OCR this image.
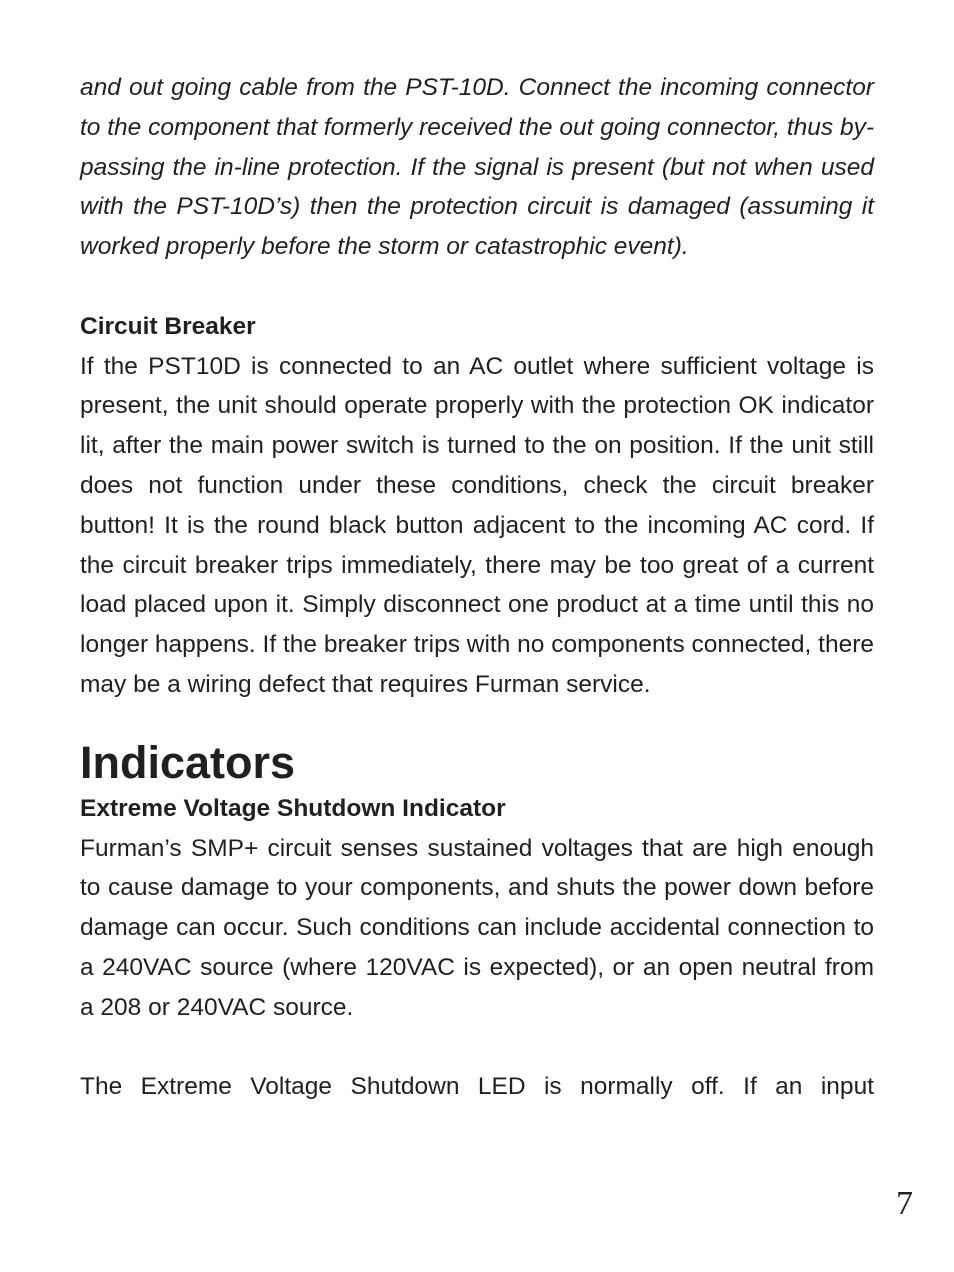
and out going cable from the PST-10D. Connect the incoming connector to the component that formerly received the out going connector, thus by-passing the in-line protection. If the signal is present (but not when used with the PST-10D’s) then the protection circuit is damaged (assuming it worked properly before the storm or catastrophic event).

Circuit Breaker

If the PST10D is connected to an AC outlet where sufficient voltage is present, the unit should operate properly with the protection OK indicator lit, after the main power switch is turned to the on position. If the unit still does not function under these conditions, check the circuit breaker button! It is the round black button adjacent to the incoming AC cord. If the circuit breaker trips immediately, there may be too great of a current load placed upon it. Simply disconnect one product at a time until this no longer happens. If the breaker trips with no components connected, there may be a wiring defect that requires Furman service.

Indicators
Extreme Voltage Shutdown Indicator

Furman’s SMP+ circuit senses sustained voltages that are high enough to cause damage to your components, and shuts the power down before damage can occur. Such conditions can include accidental connection to a 240VAC source (where 120VAC is expected), or an open neutral from a 208 or 240VAC source.

The Extreme Voltage Shutdown LED is normally off. If an input

7
